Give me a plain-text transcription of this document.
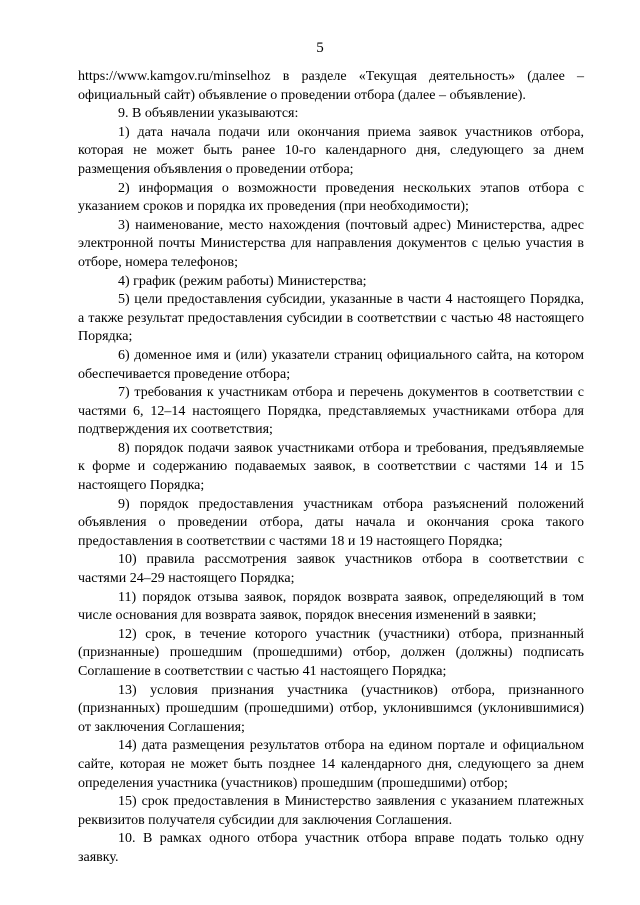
5

https://www.kamgov.ru/minselhoz в разделе «Текущая деятельность» (далее – официальный сайт) объявление о проведении отбора (далее – объявление).

9. В объявлении указываются:

1) дата начала подачи или окончания приема заявок участников отбора, которая не может быть ранее 10-го календарного дня, следующего за днем размещения объявления о проведении отбора;

2) информация о возможности проведения нескольких этапов отбора с указанием сроков и порядка их проведения (при необходимости);

3) наименование, место нахождения (почтовый адрес) Министерства, адрес электронной почты Министерства для направления документов с целью участия в отборе, номера телефонов;

4) график (режим работы) Министерства;

5) цели предоставления субсидии, указанные в части 4 настоящего Порядка, а также результат предоставления субсидии в соответствии с частью 48 настоящего Порядка;

6) доменное имя и (или) указатели страниц официального сайта, на котором обеспечивается проведение отбора;

7) требования к участникам отбора и перечень документов в соответствии с частями 6, 12–14 настоящего Порядка, представляемых участниками отбора для подтверждения их соответствия;

8) порядок подачи заявок участниками отбора и требования, предъявляемые к форме и содержанию подаваемых заявок, в соответствии с частями 14 и 15 настоящего Порядка;

9) порядок предоставления участникам отбора разъяснений положений объявления о проведении отбора, даты начала и окончания срока такого предоставления в соответствии с частями 18 и 19 настоящего Порядка;

10) правила рассмотрения заявок участников отбора в соответствии с частями 24–29 настоящего Порядка;

11) порядок отзыва заявок, порядок возврата заявок, определяющий в том числе основания для возврата заявок, порядок внесения изменений в заявки;

12) срок, в течение которого участник (участники) отбора, признанный (признанные) прошедшим (прошедшими) отбор, должен (должны) подписать Соглашение в соответствии с частью 41 настоящего Порядка;

13) условия признания участника (участников) отбора, признанного (признанных) прошедшим (прошедшими) отбор, уклонившимся (уклонившимися) от заключения Соглашения;

14) дата размещения результатов отбора на едином портале и официальном сайте, которая не может быть позднее 14 календарного дня, следующего за днем определения участника (участников) прошедшим (прошедшими) отбор;

15) срок предоставления в Министерство заявления с указанием платежных реквизитов получателя субсидии для заключения Соглашения.

10. В рамках одного отбора участник отбора вправе подать только одну заявку.
